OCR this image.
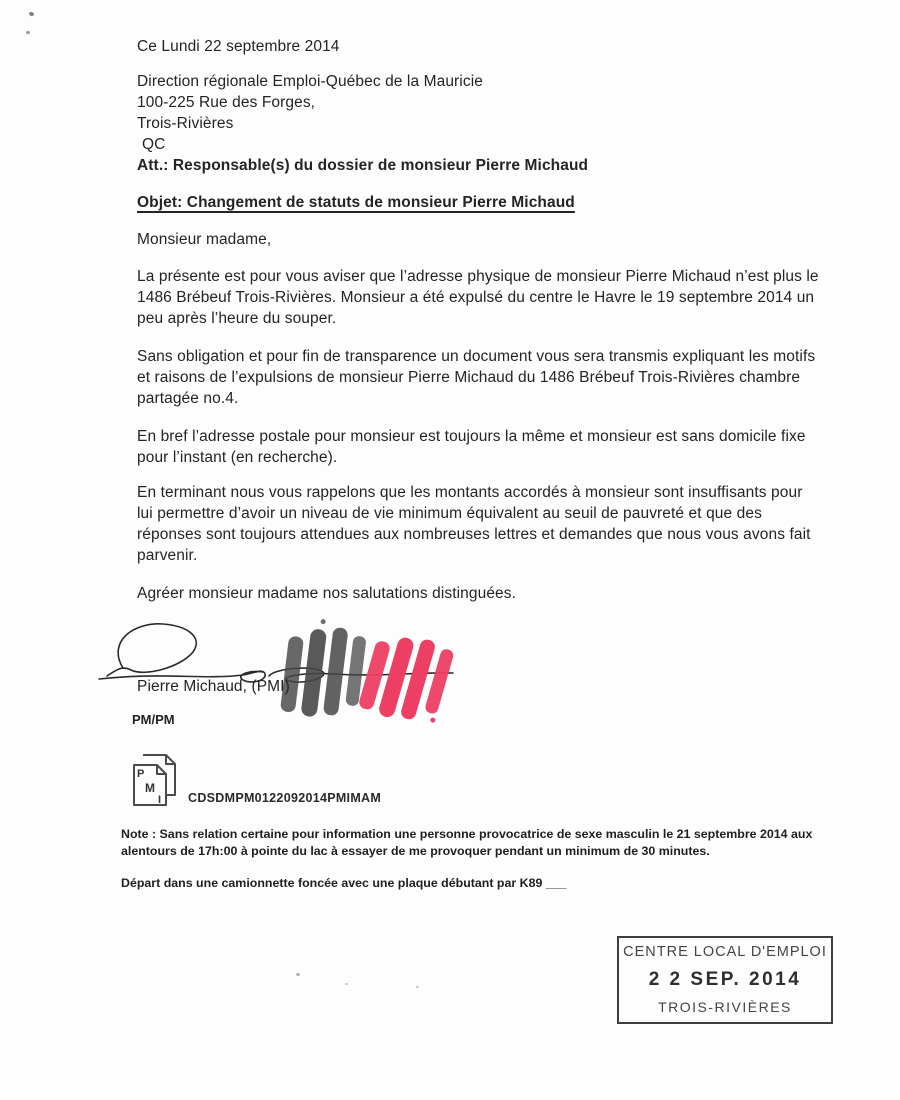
Ce Lundi 22 septembre 2014
Direction régionale Emploi-Québec de la Mauricie
100-225 Rue des Forges,
Trois-Rivières
QC
Att.: Responsable(s) du dossier de monsieur Pierre Michaud
Objet: Changement de statuts de monsieur Pierre Michaud
Monsieur madame,
La présente est pour vous aviser que l’adresse physique de monsieur Pierre Michaud n’est plus le 1486 Brébeuf Trois-Rivières. Monsieur a été expulsé du centre le Havre le 19 septembre 2014 un peu après l’heure du souper.
Sans obligation et pour fin de transparence un document vous sera transmis expliquant les motifs et raisons de l’expulsions de monsieur Pierre Michaud du 1486 Brébeuf Trois-Rivières chambre partagée no.4.
En bref l’adresse postale pour monsieur est toujours la même et monsieur est sans domicile fixe pour l’instant (en recherche).
En terminant nous vous rappelons que les montants accordés à monsieur sont insuffisants pour lui permettre d’avoir un niveau de vie minimum équivalent au seuil de pauvreté et que des réponses sont toujours attendues aux nombreuses lettres et demandes que nous vous avons fait parvenir.
Agréer monsieur madame nos salutations distinguées.
Pierre Michaud, (PMI)
PM/PM
P
M
I CDSDMPM0122092014PMIMAM
Note : Sans relation certaine pour information une personne provocatrice de sexe masculin le 21 septembre 2014 aux alentours de 17h:00 à pointe du lac à essayer de me provoquer pendant un minimum de 30 minutes.
Départ dans une camionnette foncée avec une plaque débutant par K89 ___
CENTRE LOCAL D'EMPLOI
2 2 SEP. 2014
TROIS-RIVIÈRES
